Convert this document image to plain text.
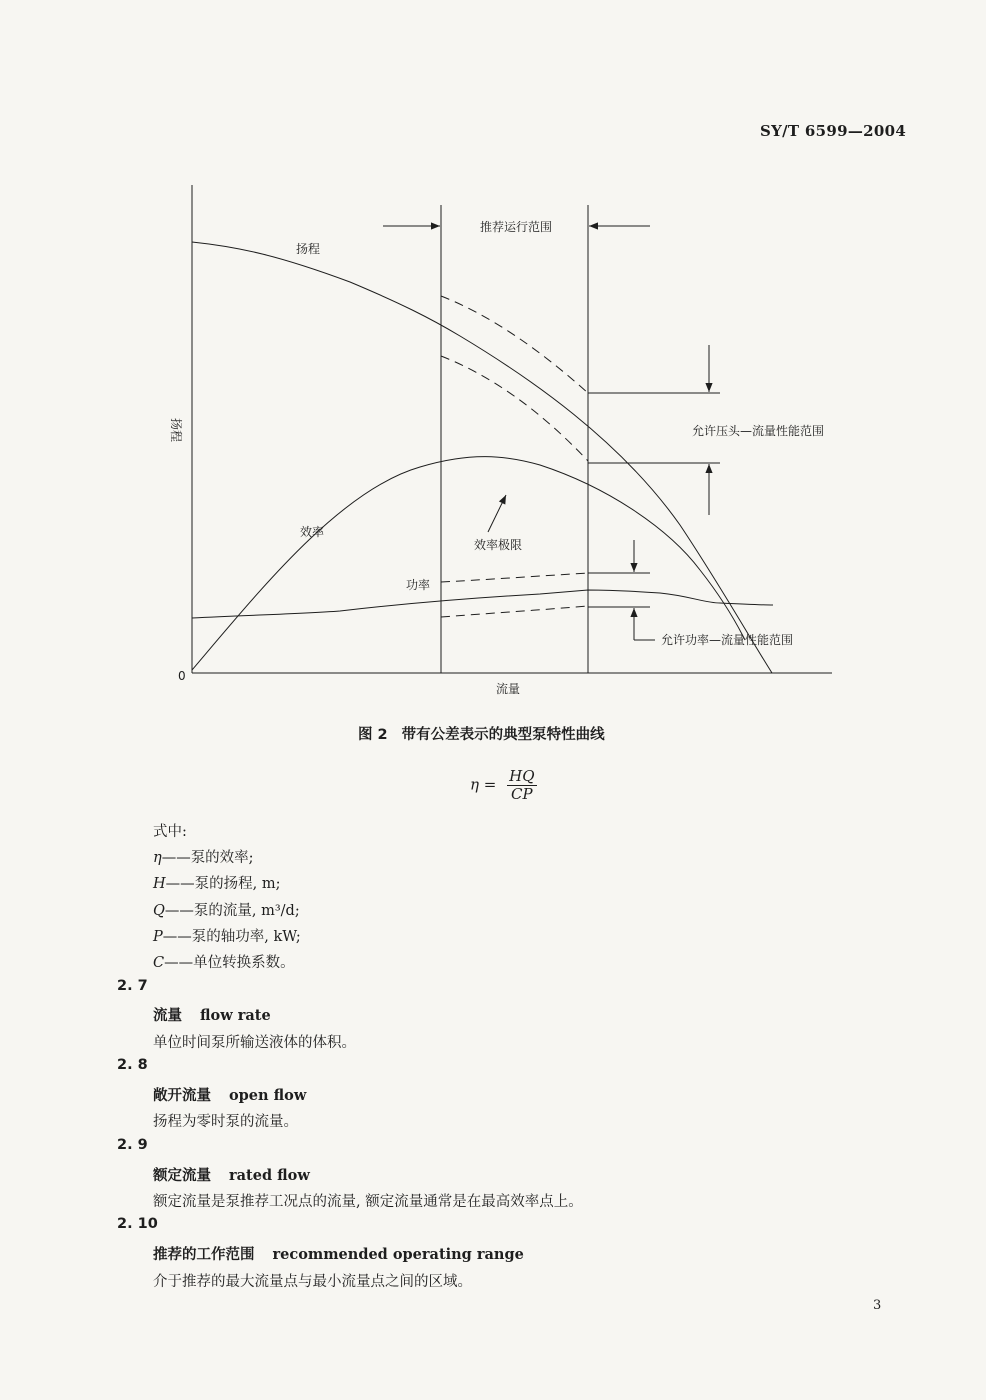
SY/T 6599—2004
扬程
流量
0
推荐运行范围
扬程
效率
功率
效率极限
允许压头—流量性能范围
允许功率—流量性能范围
图 2 带有公差表示的典型泵特性曲线
$\eta = \frac{HQ}{CP}$
式中:
η——泵的效率;
H——泵的扬程, m;
Q——泵的流量, m³/d;
P——泵的轴功率, kW;
C——单位转换系数。
2. 7
流量 flow rate
单位时间泵所输送液体的体积。
2. 8
敞开流量 open flow
扬程为零时泵的流量。
2. 9
额定流量 rated flow
额定流量是泵推荐工况点的流量, 额定流量通常是在最高效率点上。
2. 10
推荐的工作范围 recommended operating range
介于推荐的最大流量点与最小流量点之间的区域。
3
